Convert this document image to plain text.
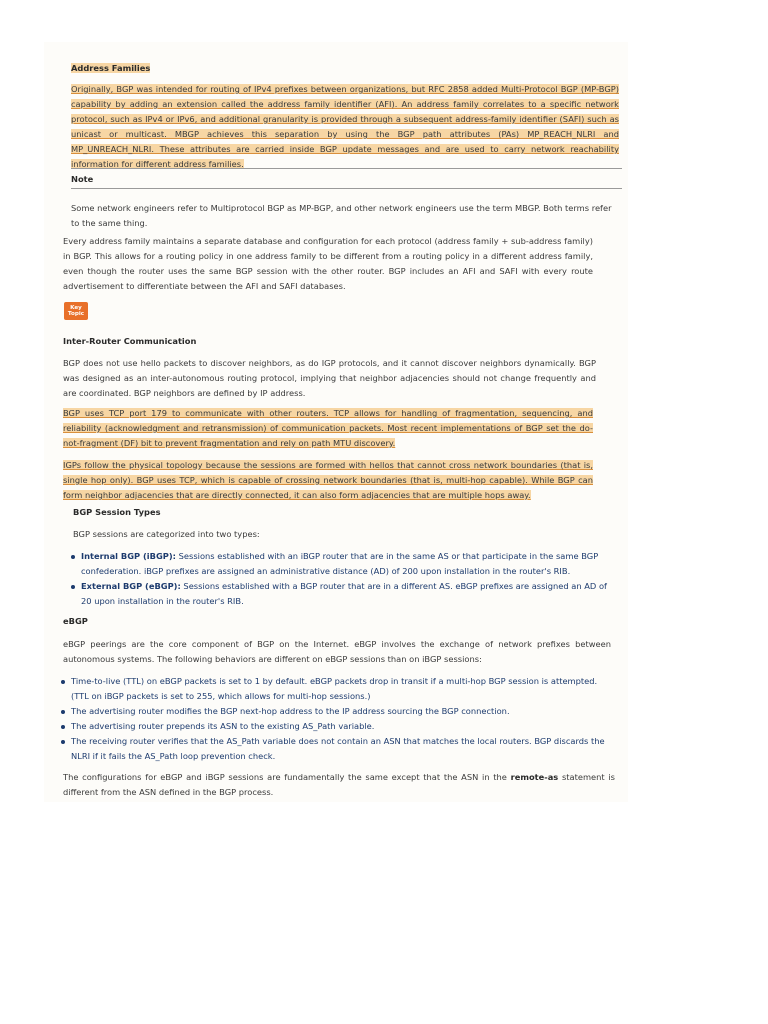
Address Families
Originally, BGP was intended for routing of IPv4 prefixes between organizations, but RFC 2858 added Multi-Protocol BGP (MP-BGP) capability by adding an extension called the address family identifier (AFI). An address family correlates to a specific network protocol, such as IPv4 or IPv6, and additional granularity is provided through a subsequent address-family identifier (SAFI) such as unicast or multicast. MBGP achieves this separation by using the BGP path attributes (PAs) MP_REACH_NLRI and MP_UNREACH_NLRI. These attributes are carried inside BGP update messages and are used to carry network reachability information for different address families.
Note
Some network engineers refer to Multiprotocol BGP as MP-BGP, and other network engineers use the term MBGP. Both terms refer to the same thing.
Every address family maintains a separate database and configuration for each protocol (address family + sub-address family) in BGP. This allows for a routing policy in one address family to be different from a routing policy in a different address family, even though the router uses the same BGP session with the other router. BGP includes an AFI and SAFI with every route advertisement to differentiate between the AFI and SAFI databases.
Key
Topic
Inter-Router Communication
BGP does not use hello packets to discover neighbors, as do IGP protocols, and it cannot discover neighbors dynamically. BGP was designed as an inter-autonomous routing protocol, implying that neighbor adjacencies should not change frequently and are coordinated. BGP neighbors are defined by IP address.
BGP uses TCP port 179 to communicate with other routers. TCP allows for handling of fragmentation, sequencing, and reliability (acknowledgment and retransmission) of communication packets. Most recent implementations of BGP set the do-not-fragment (DF) bit to prevent fragmentation and rely on path MTU discovery.
IGPs follow the physical topology because the sessions are formed with hellos that cannot cross network boundaries (that is, single hop only). BGP uses TCP, which is capable of crossing network boundaries (that is, multi-hop capable). While BGP can form neighbor adjacencies that are directly connected, it can also form adjacencies that are multiple hops away.
BGP Session Types
BGP sessions are categorized into two types:
Internal BGP (iBGP): Sessions established with an iBGP router that are in the same AS or that participate in the same BGP confederation. iBGP prefixes are assigned an administrative distance (AD) of 200 upon installation in the router's RIB.
External BGP (eBGP): Sessions established with a BGP router that are in a different AS. eBGP prefixes are assigned an AD of 20 upon installation in the router's RIB.
eBGP
eBGP peerings are the core component of BGP on the Internet. eBGP involves the exchange of network prefixes between autonomous systems. The following behaviors are different on eBGP sessions than on iBGP sessions:
Time-to-live (TTL) on eBGP packets is set to 1 by default. eBGP packets drop in transit if a multi-hop BGP session is attempted. (TTL on iBGP packets is set to 255, which allows for multi-hop sessions.)
The advertising router modifies the BGP next-hop address to the IP address sourcing the BGP connection.
The advertising router prepends its ASN to the existing AS_Path variable.
The receiving router verifies that the AS_Path variable does not contain an ASN that matches the local routers. BGP discards the NLRI if it fails the AS_Path loop prevention check.
The configurations for eBGP and iBGP sessions are fundamentally the same except that the ASN in the remote-as statement is different from the ASN defined in the BGP process.
